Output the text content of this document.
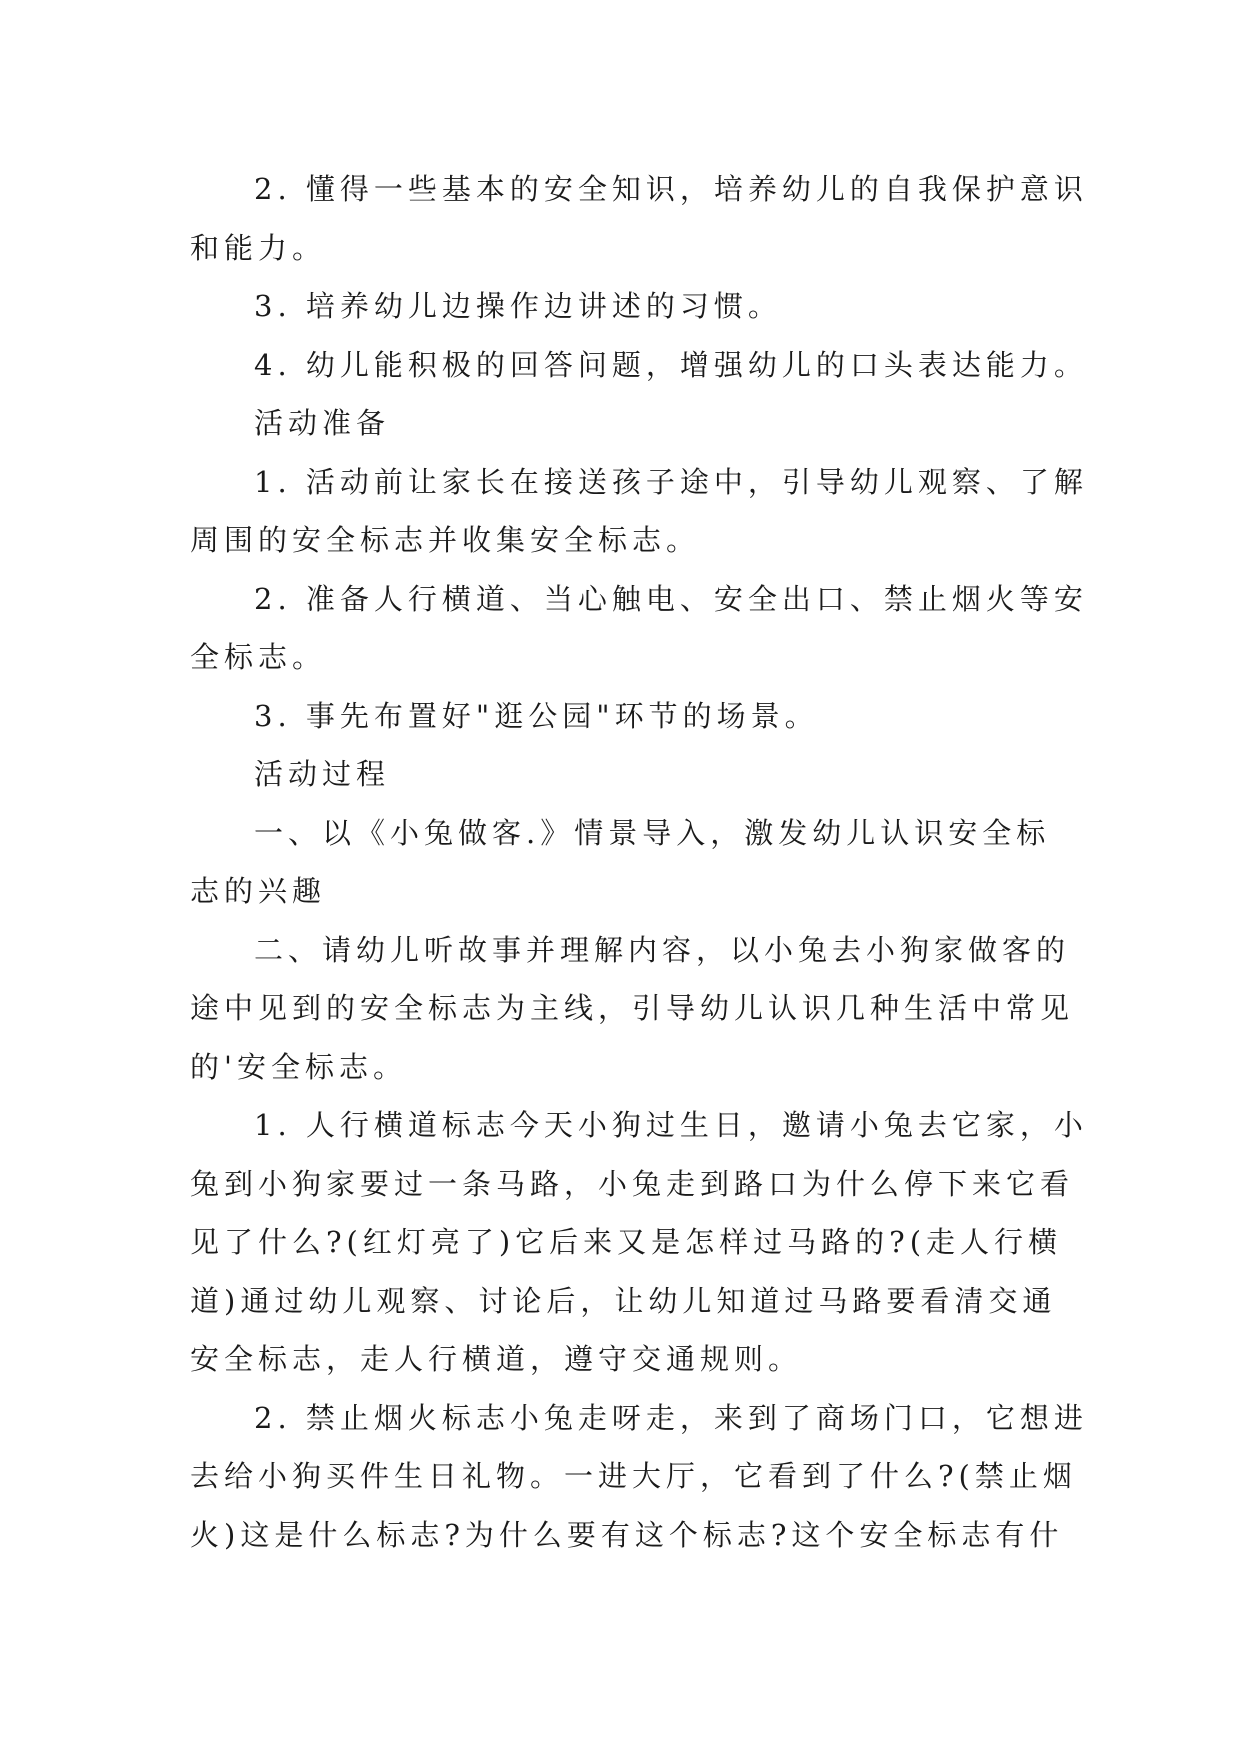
2. 懂得一些基本的安全知识，培养幼儿的自我保护意识
和能力。

3. 培养幼儿边操作边讲述的习惯。

4. 幼儿能积极的回答问题，增强幼儿的口头表达能力。

活动准备

1. 活动前让家长在接送孩子途中，引导幼儿观察、了解
周围的安全标志并收集安全标志。

2. 准备人行横道、当心触电、安全出口、禁止烟火等安
全标志。

3. 事先布置好"逛公园"环节的场景。

活动过程

一、以《小兔做客.》情景导入，激发幼儿认识安全标
志的兴趣

二、请幼儿听故事并理解内容，以小兔去小狗家做客的
途中见到的安全标志为主线，引导幼儿认识几种生活中常见
的'安全标志。

1. 人行横道标志今天小狗过生日，邀请小兔去它家，小
兔到小狗家要过一条马路，小兔走到路口为什么停下来它看
见了什么?(红灯亮了)它后来又是怎样过马路的?(走人行横
道)通过幼儿观察、讨论后，让幼儿知道过马路要看清交通
安全标志，走人行横道，遵守交通规则。

2. 禁止烟火标志小兔走呀走，来到了商场门口，它想进
去给小狗买件生日礼物。一进大厅，它看到了什么?(禁止烟
火)这是什么标志?为什么要有这个标志?这个安全标志有什
